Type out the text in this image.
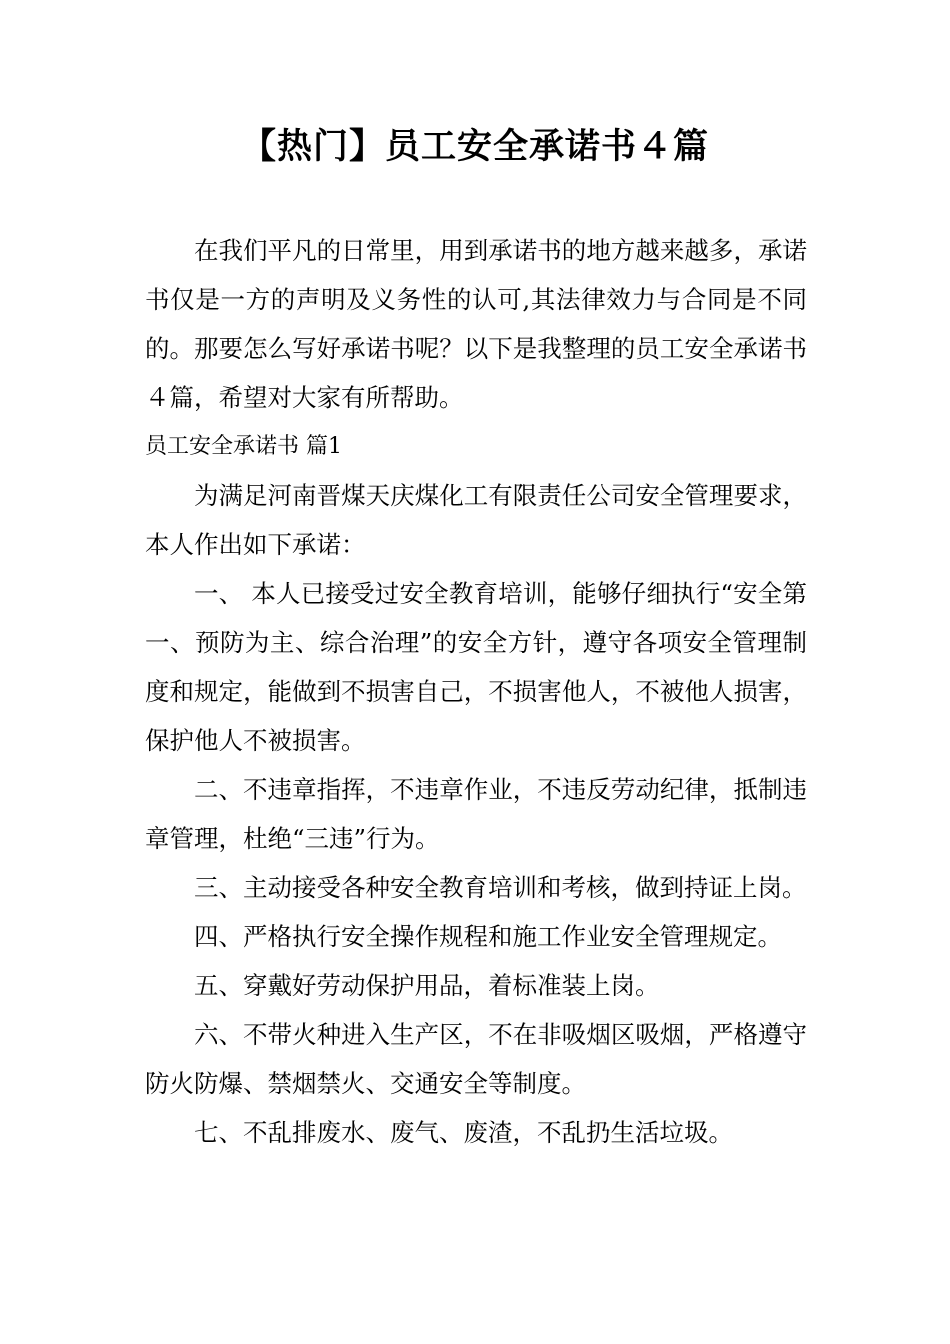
【热门】员工安全承诺书４篇

在我们平凡的日常里，用到承诺书的地方越来越多，承诺书仅是一方的声明及义务性的认可,其法律效力与合同是不同的。那要怎么写好承诺书呢？以下是我整理的员工安全承诺书４篇，希望对大家有所帮助。

员工安全承诺书 篇1

为满足河南晋煤天庆煤化工有限责任公司安全管理要求，本人作出如下承诺：

一、 本人已接受过安全教育培训，能够仔细执行“安全第一、预防为主、综合治理”的安全方针，遵守各项安全管理制度和规定，能做到不损害自己，不损害他人，不被他人损害，保护他人不被损害。

二、不违章指挥，不违章作业，不违反劳动纪律，抵制违章管理，杜绝“三违”行为。

三、主动接受各种安全教育培训和考核，做到持证上岗。

四、严格执行安全操作规程和施工作业安全管理规定。

五、穿戴好劳动保护用品，着标准装上岗。

六、不带火种进入生产区，不在非吸烟区吸烟，严格遵守防火防爆、禁烟禁火、交通安全等制度。

七、不乱排废水、废气、废渣，不乱扔生活垃圾。
